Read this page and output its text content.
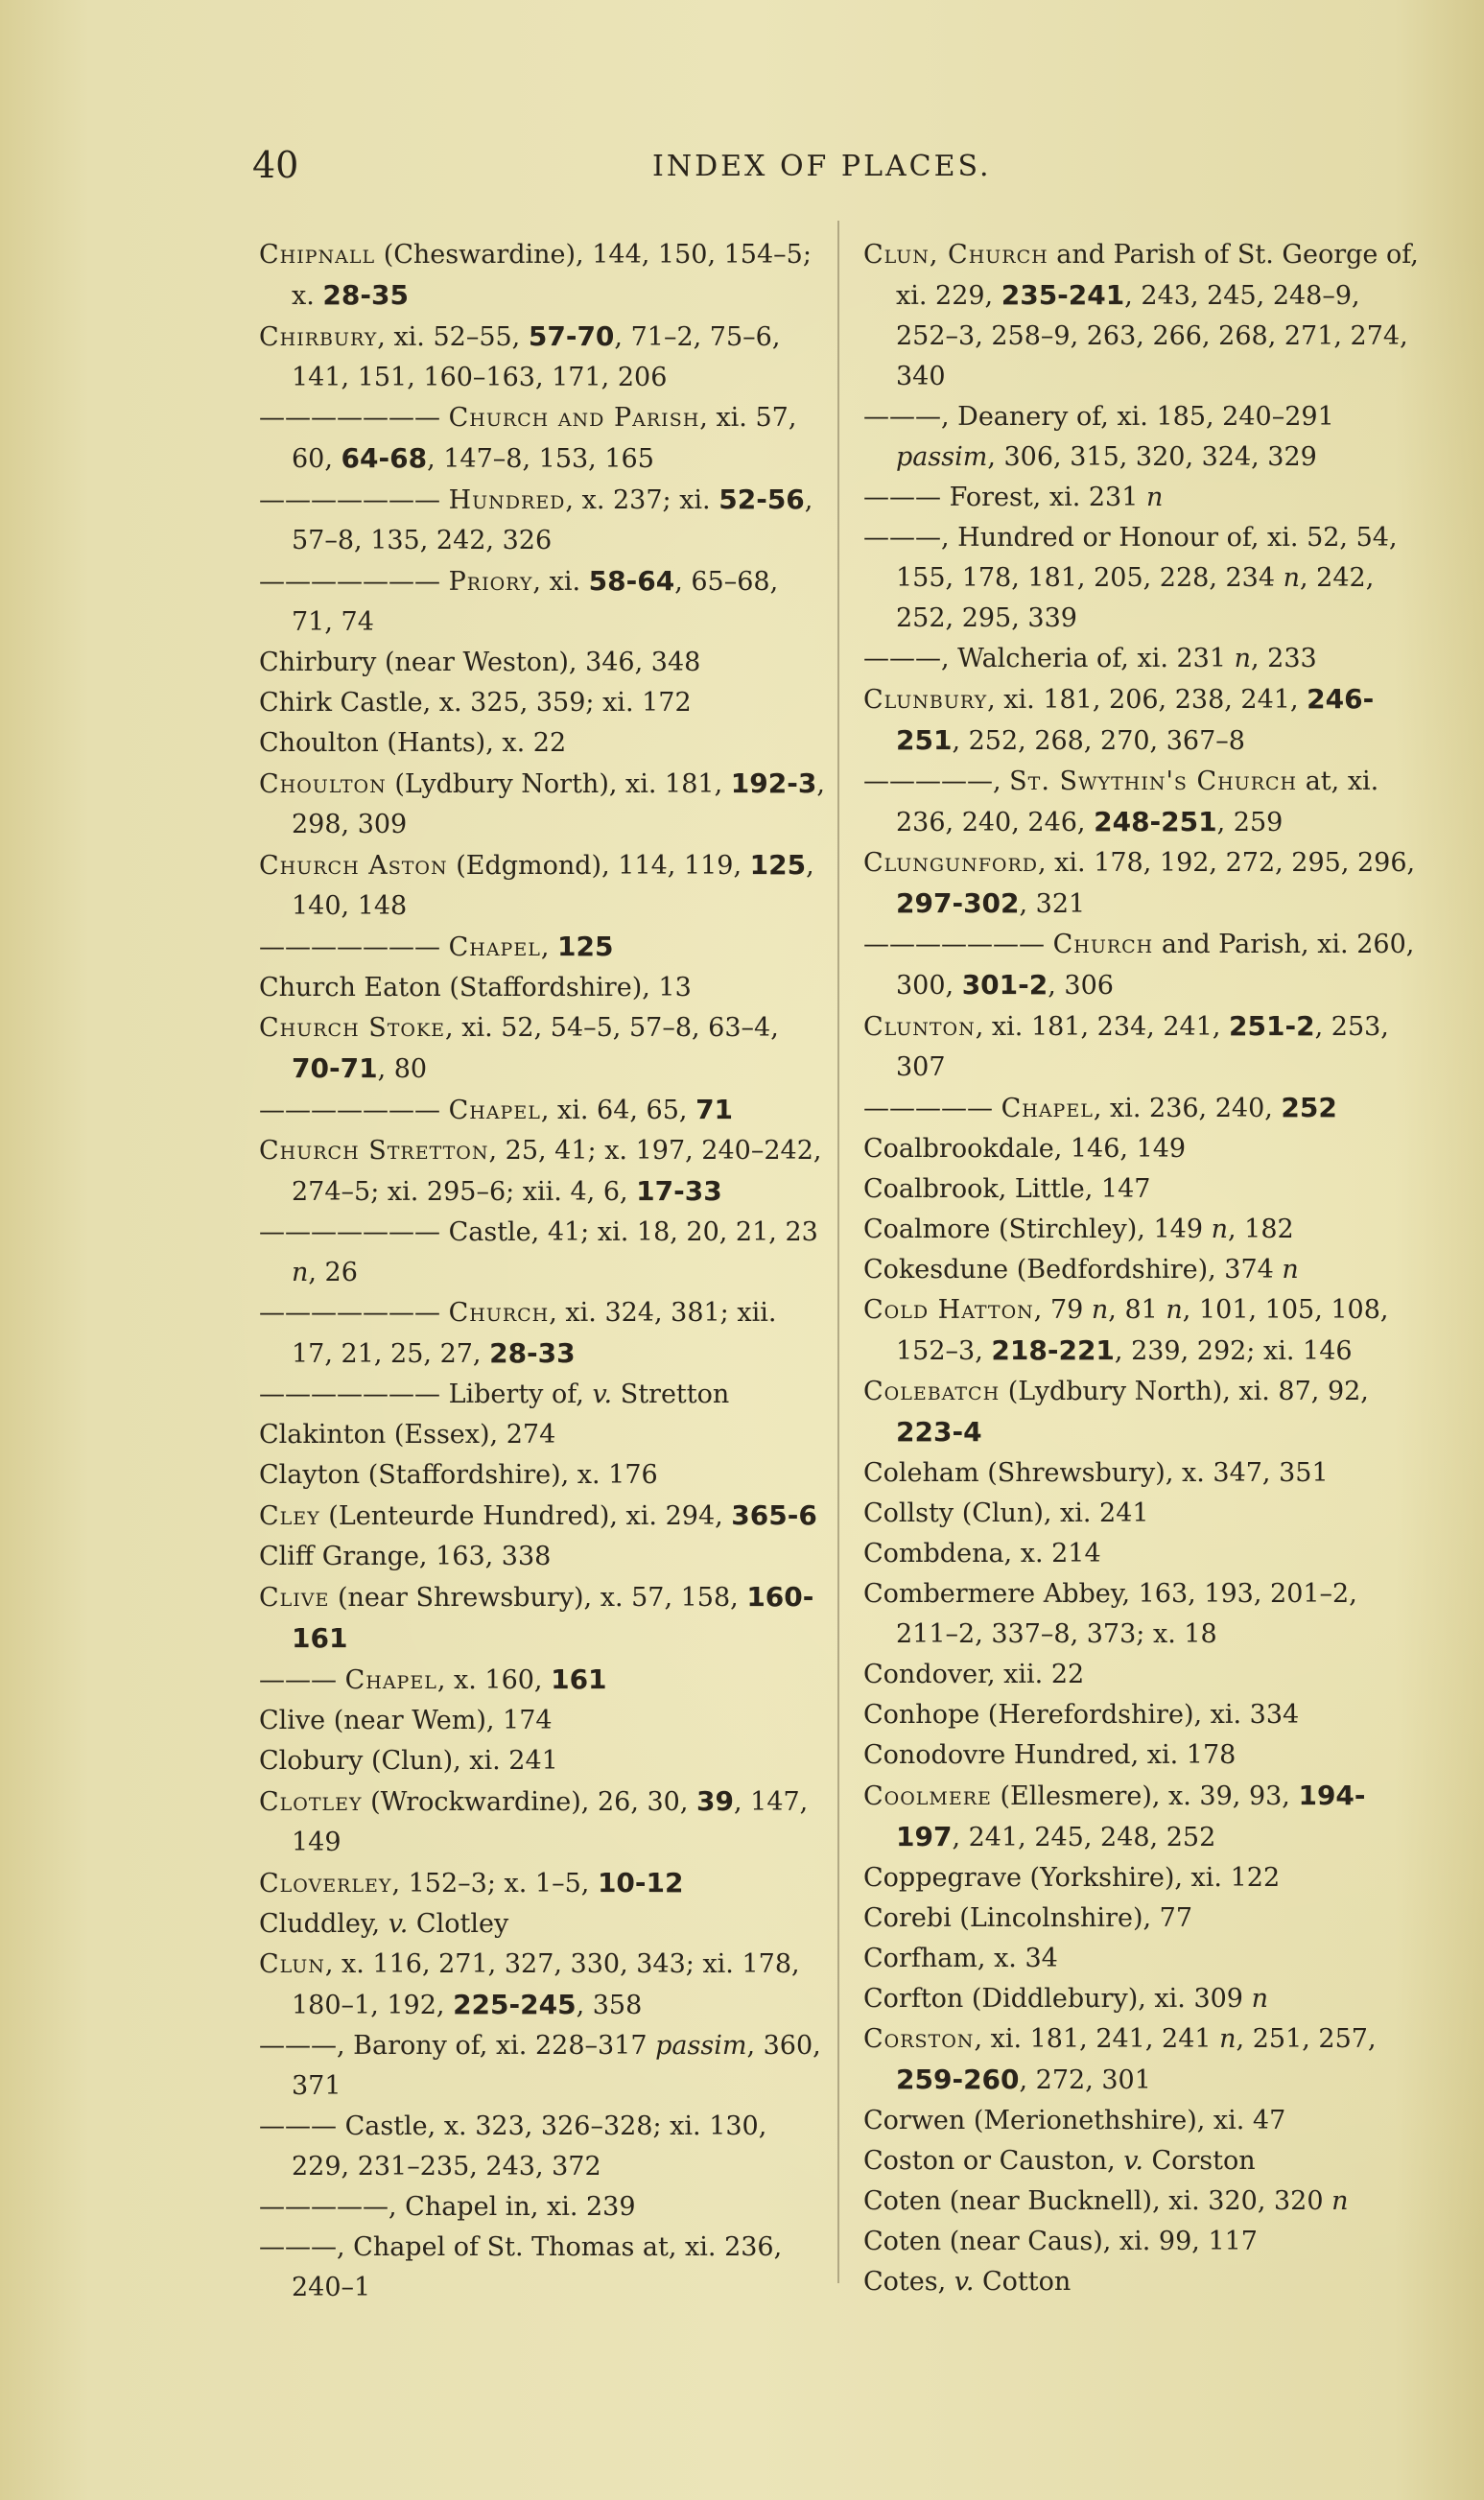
40	INDEX OF PLACES.

Chipnall (Cheswardine), 144, 150, 154–5; x. 28-35

Chirbury, xi. 52–55, 57-70, 71–2, 75–6, 141, 151, 160–163, 171, 206

——————— Church and Parish, xi. 57, 60, 64-68, 147–8, 153, 165

——————— Hundred, x. 237; xi. 52-56, 57–8, 135, 242, 326

——————— Priory, xi. 58-64, 65–68, 71, 74

Chirbury (near Weston), 346, 348

Chirk Castle, x. 325, 359; xi. 172

Choulton (Hants), x. 22

Choulton (Lydbury North), xi. 181, 192-3, 298, 309

Church Aston (Edgmond), 114, 119, 125, 140, 148

——————— Chapel, 125

Church Eaton (Staffordshire), 13

Church Stoke, xi. 52, 54–5, 57–8, 63–4, 70-71, 80

——————— Chapel, xi. 64, 65, 71

Church Stretton, 25, 41; x. 197, 240–242, 274–5; xi. 295–6; xii. 4, 6, 17-33

——————— Castle, 41; xi. 18, 20, 21, 23 n, 26

——————— Church, xi. 324, 381; xii. 17, 21, 25, 27, 28-33

——————— Liberty of, v. Stretton

Clakinton (Essex), 274

Clayton (Staffordshire), x. 176

Cley (Lenteurde Hundred), xi. 294, 365-6

Cliff Grange, 163, 338

Clive (near Shrewsbury), x. 57, 158, 160-161

——— Chapel, x. 160, 161

Clive (near Wem), 174

Clobury (Clun), xi. 241

Clotley (Wrockwardine), 26, 30, 39, 147, 149

Cloverley, 152–3; x. 1–5, 10-12

Cluddley, v. Clotley

Clun, x. 116, 271, 327, 330, 343; xi. 178, 180–1, 192, 225-245, 358

———, Barony of, xi. 228–317 passim, 360, 371

——— Castle, x. 323, 326–328; xi. 130, 229, 231–235, 243, 372

—————, Chapel in, xi. 239

———, Chapel of St. Thomas at, xi. 236, 240–1

Clun, Church and Parish of St. George of, xi. 229, 235-241, 243, 245, 248–9, 252–3, 258–9, 263, 266, 268, 271, 274, 340

———, Deanery of, xi. 185, 240–291 passim, 306, 315, 320, 324, 329

——— Forest, xi. 231 n

———, Hundred or Honour of, xi. 52, 54, 155, 178, 181, 205, 228, 234 n, 242, 252, 295, 339

———, Walcheria of, xi. 231 n, 233

Clunbury, xi. 181, 206, 238, 241, 246-251, 252, 268, 270, 367–8

—————, St. Swythin's Church at, xi. 236, 240, 246, 248-251, 259

Clungunford, xi. 178, 192, 272, 295, 296, 297-302, 321

——————— Church and Parish, xi. 260, 300, 301-2, 306

Clunton, xi. 181, 234, 241, 251-2, 253, 307

————— Chapel, xi. 236, 240, 252

Coalbrookdale, 146, 149

Coalbrook, Little, 147

Coalmore (Stirchley), 149 n, 182

Cokesdune (Bedfordshire), 374 n

Cold Hatton, 79 n, 81 n, 101, 105, 108, 152–3, 218-221, 239, 292; xi. 146

Colebatch (Lydbury North), xi. 87, 92, 223-4

Coleham (Shrewsbury), x. 347, 351

Collsty (Clun), xi. 241

Combdena, x. 214

Combermere Abbey, 163, 193, 201–2, 211–2, 337–8, 373; x. 18

Condover, xii. 22

Conhope (Herefordshire), xi. 334

Conodovre Hundred, xi. 178

Coolmere (Ellesmere), x. 39, 93, 194-197, 241, 245, 248, 252

Coppegrave (Yorkshire), xi. 122

Corebi (Lincolnshire), 77

Corfham, x. 34

Corfton (Diddlebury), xi. 309 n

Corston, xi. 181, 241, 241 n, 251, 257, 259-260, 272, 301

Corwen (Merionethshire), xi. 47

Coston or Causton, v. Corston

Coten (near Bucknell), xi. 320, 320 n

Coten (near Caus), xi. 99, 117

Cotes, v. Cotton
